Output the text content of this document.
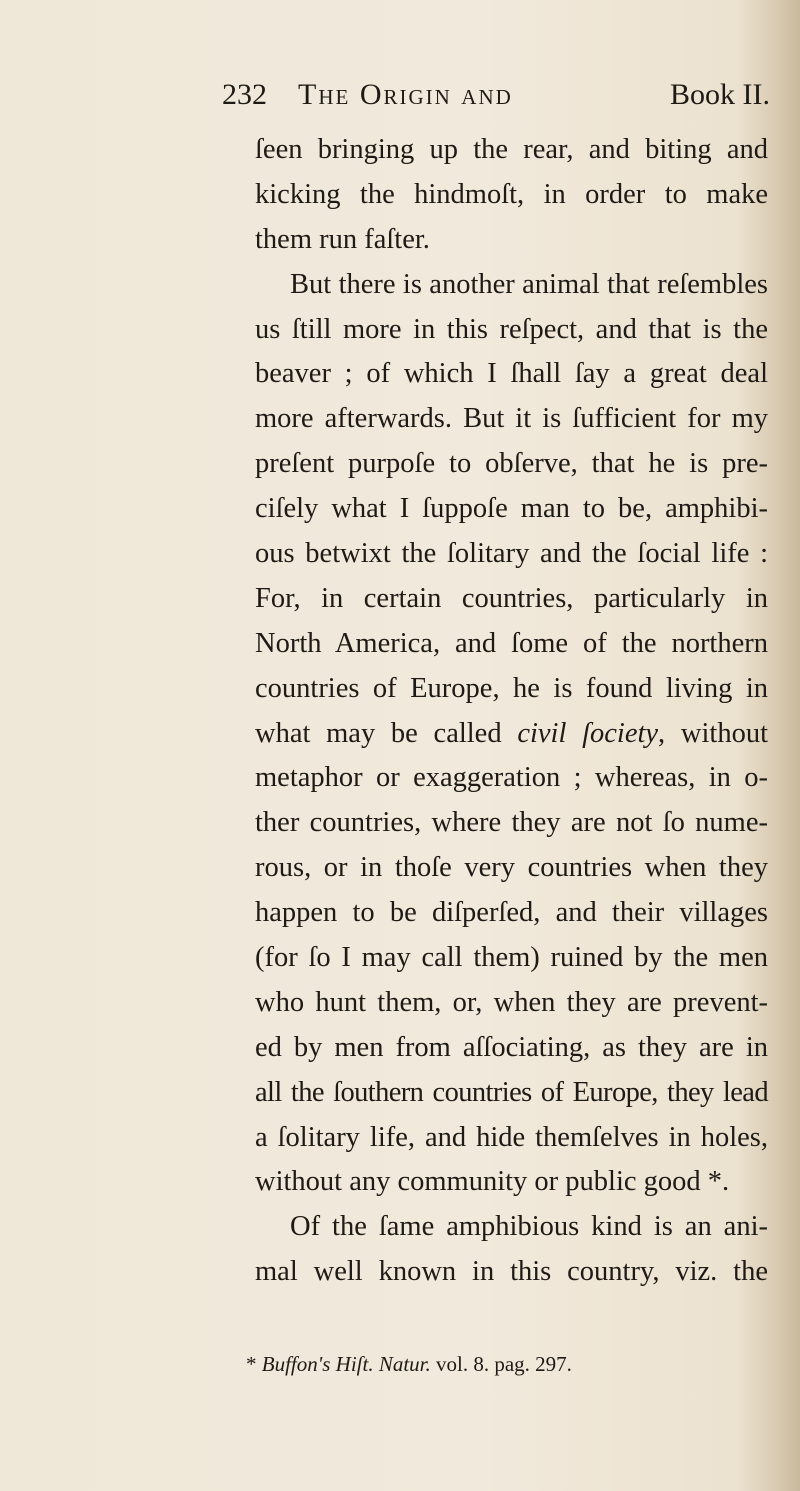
232 The Origin and	Book II.
ſeen bringing up the rear, and biting and
kicking the hindmoſt, in order to make
them run faſter.
But there is another animal that reſembles
us ſtill more in this reſpect, and that is the
beaver ; of which I ſhall ſay a great deal
more afterwards. But it is ſufficient for my
preſent purpoſe to obſerve, that he is pre-
ciſely what I ſuppoſe man to be, amphibi-
ous betwixt the ſolitary and the ſocial life :
For, in certain countries, particularly in
North America, and ſome of the northern
countries of Europe, he is found living in
what may be called civil ſociety, without
metaphor or exaggeration ; whereas, in o-
ther countries, where they are not ſo nume-
rous, or in thoſe very countries when they
happen to be diſperſed, and their villages
(for ſo I may call them) ruined by the men
who hunt them, or, when they are prevent-
ed by men from aſſociating, as they are in
all the ſouthern countries of Europe, they lead
a ſolitary life, and hide themſelves in holes,
without any community or public good *.
Of the ſame amphibious kind is an ani-
mal well known in this country, viz. the
* Buffon's Hiſt. Natur. vol. 8. pag. 297.
